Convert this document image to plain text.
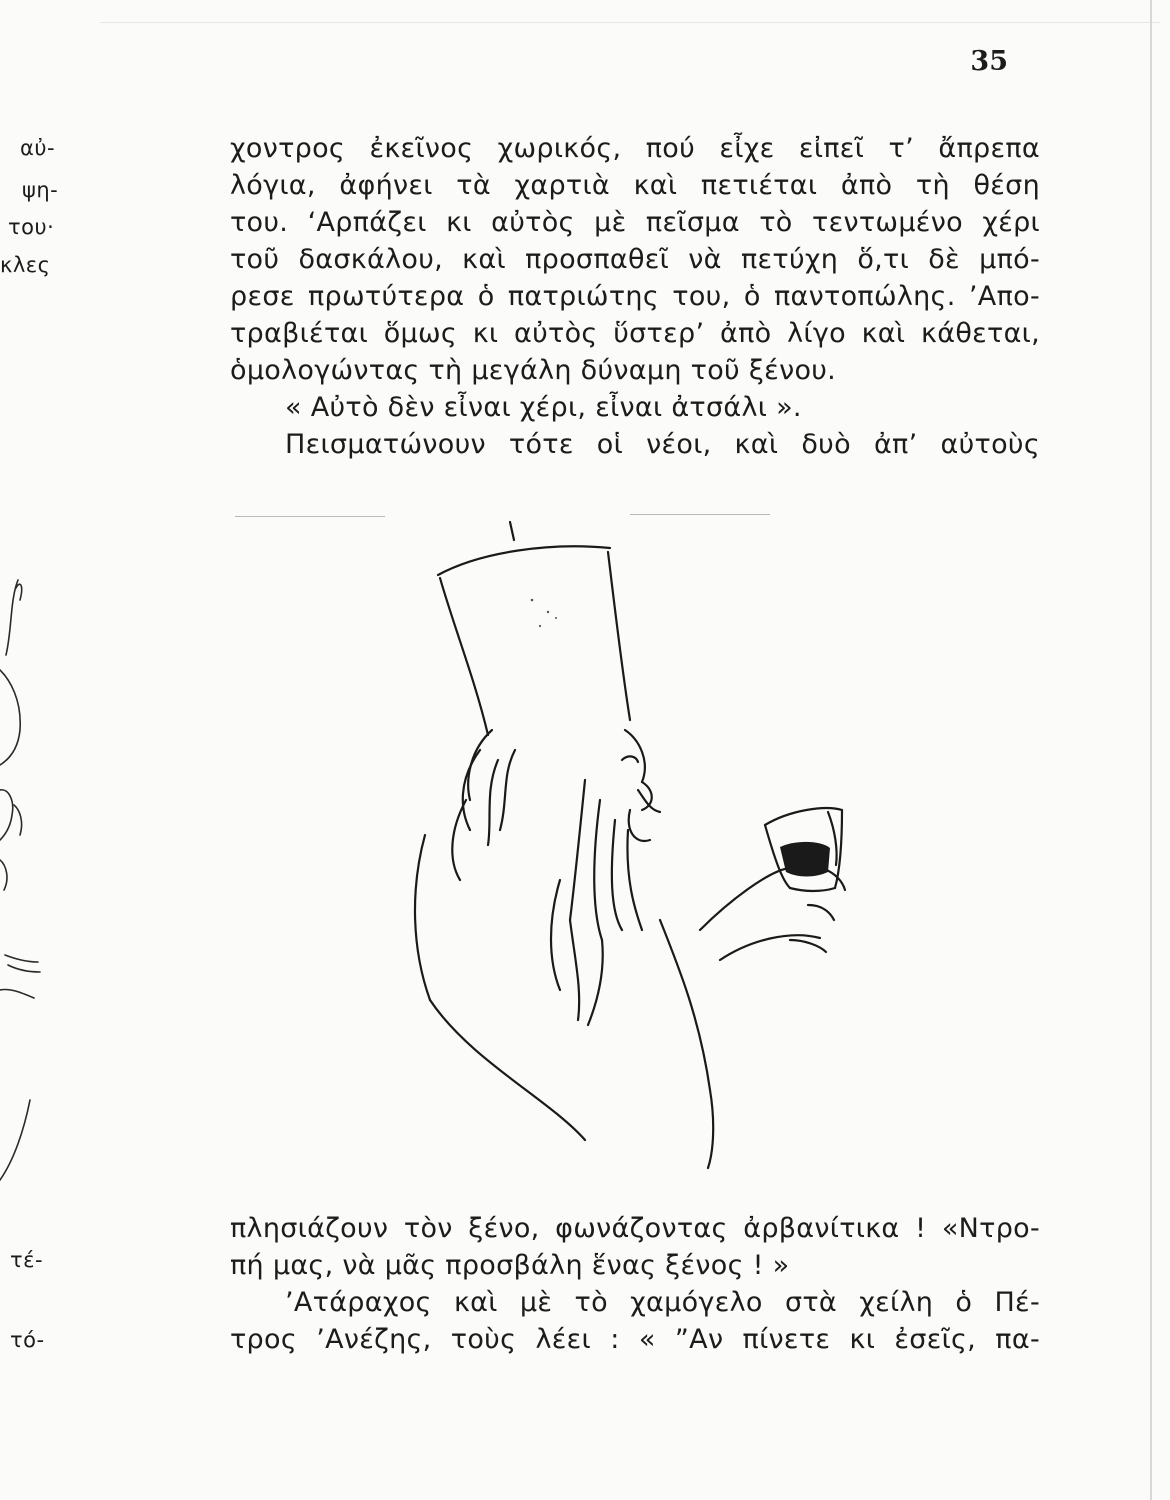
αὐ-
ψη-
του·
κλες
τέ-
τό-
35
χοντρος ἐκεῖνος χωρικός, πού εἶχε εἰπεῖ τ’ ἄπρεπα
λόγια, ἀφήνει τὰ χαρτιὰ καὶ πετιέται ἀπὸ τὴ θέση
του. ‘Αρπάζει κι αὐτὸς μὲ πεῖσμα τὸ τεντωμένο χέρι
τοῦ δασκάλου, καὶ προσπαθεῖ νὰ πετύχη ὅ,τι δὲ μπό-
ρεσε πρωτύτερα ὁ πατριώτης του, ὁ παντοπώλης. ’Απο-
τραβιέται ὅμως κι αὐτὸς ὕστερ’ ἀπὸ λίγο καὶ κάθεται,
ὁμολογώντας τὴ μεγάλη δύναμη τοῦ ξένου.
« Αὐτὸ δὲν εἶναι χέρι, εἶναι ἀτσάλι ».
Πεισματώνουν τότε οἱ νέοι, καὶ δυὸ ἀπ’ αὐτοὺς
πλησιάζουν τὸν ξένο, φωνάζοντας ἀρβανίτικα ! «Ντρο-
πή μας, νὰ μᾶς προσβάλη ἕνας ξένος ! »
’Ατάραχος καὶ μὲ τὸ χαμόγελο στὰ χείλη ὁ Πέ-
τρος ’Ανέζης, τοὺς λέει : « ”Αν πίνετε κι ἐσεῖς, πα-
